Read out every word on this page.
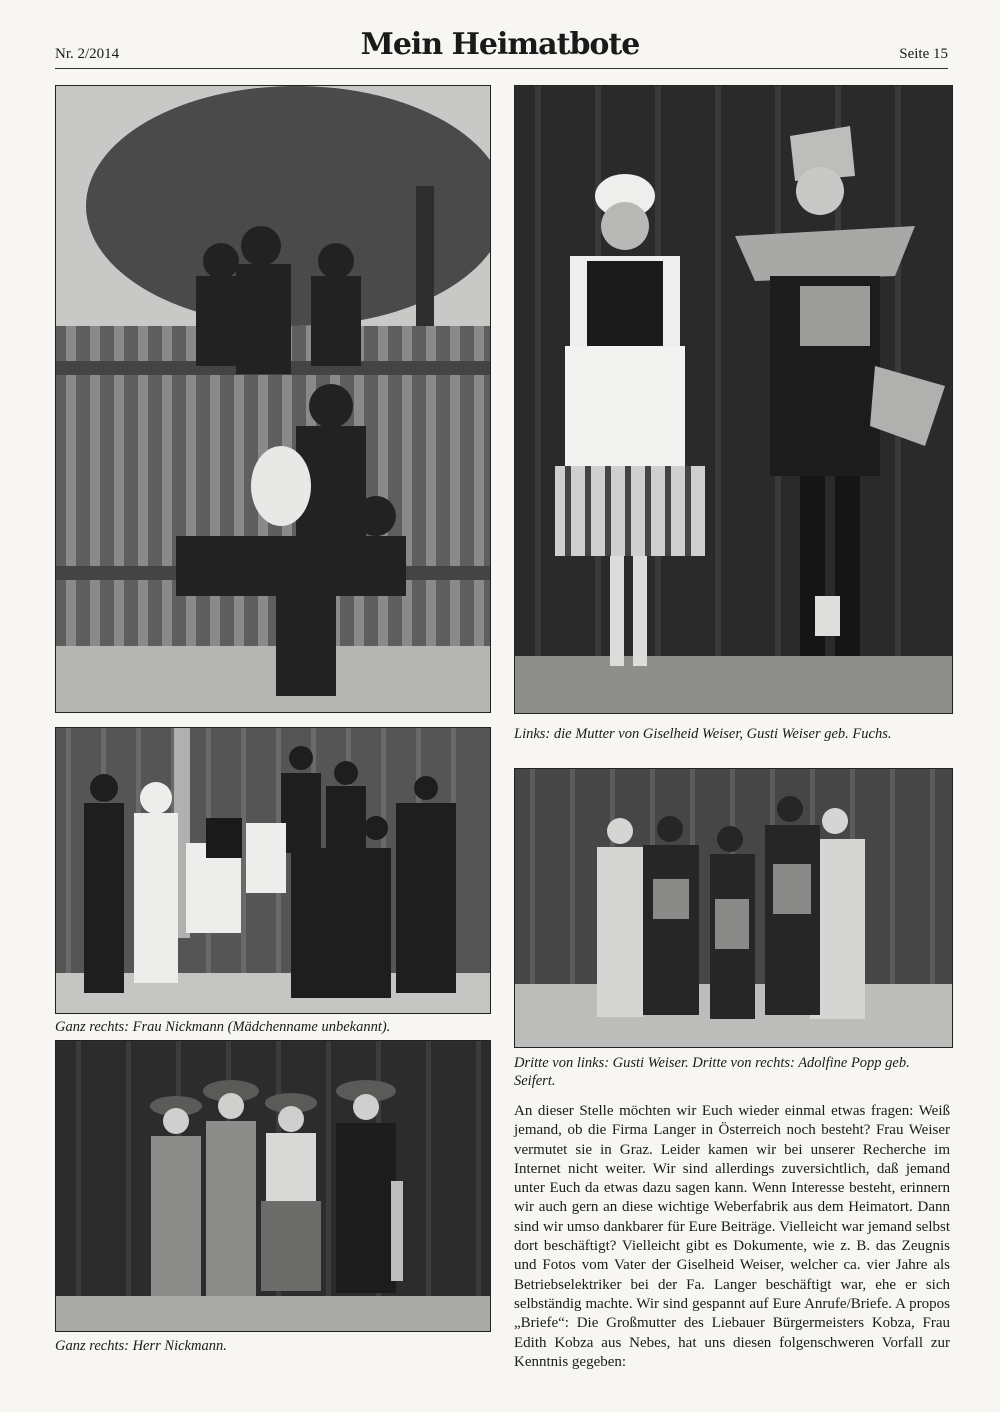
Nr. 2/2014	Mein Heimatbote	Seite 15
Links: die Mutter von Giselheid Weiser, Gusti Weiser geb. Fuchs.
Ganz rechts: Frau Nickmann (Mädchenname unbekannt).
Dritte von links: Gusti Weiser. Dritte von rechts: Adolfine Popp geb. Seifert.
Ganz rechts: Herr Nickmann.
An dieser Stelle möchten wir Euch wieder einmal etwas fragen: Weiß jemand, ob die Firma Langer in Österreich noch besteht? Frau Weiser vermutet sie in Graz. Leider kamen wir bei unserer Recherche im Internet nicht weiter. Wir sind allerdings zuversichtlich, daß jemand unter Euch da etwas dazu sagen kann. Wenn Interesse besteht, erinnern wir auch gern an diese wichtige Weberfabrik aus dem Heimatort. Dann sind wir umso dankbarer für Eure Beiträge. Vielleicht war jemand selbst dort beschäftigt? Vielleicht gibt es Dokumente, wie z. B. das Zeugnis und Fotos vom Vater der Giselheid Weiser, welcher ca. vier Jahre als Betriebselektriker bei der Fa. Langer beschäftigt war, ehe er sich selbständig machte. Wir sind gespannt auf Eure Anrufe/Briefe. A propos „Briefe“: Die Großmutter des Liebauer Bürgermeisters Kobza, Frau Edith Kobza aus Nebes, hat uns diesen folgenschweren Vorfall zur Kenntnis gegeben:
